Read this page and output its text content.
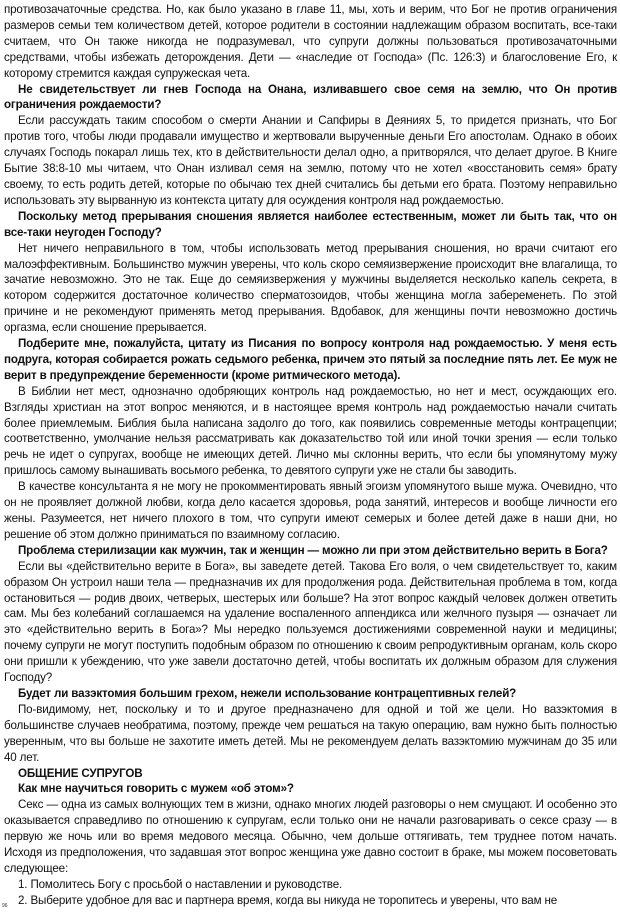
противозачаточные средства. Но, как было указано в главе 11, мы, хоть и верим, что Бог не против ограничения размеров семьи тем количеством детей, которое родители в состоянии надлежащим образом воспитать, все-таки считаем, что Он также никогда не подразумевал, что супруги должны пользоваться противозачаточными средствами, чтобы избежать деторождения. Дети — «наследие от Господа» (Пс. 126:3) и благословение Его, к которому стремится каждая супружеская чета.

Не свидетельствует ли гнев Господа на Онана, изливавшего свое семя на землю, что Он против ограничения рождаемости?

Если рассуждать таким способом о смерти Анании и Сапфиры в Деяниях 5, то придется признать, что Бог против того, чтобы люди продавали имущество и жертвовали вырученные деньги Его апостолам. Однако в обоих случаях Господь покарал лишь тех, кто в действительности делал одно, а притворялся, что делает другое. В Книге Бытие 38:8-10 мы читаем, что Онан изливал семя на землю, потому что не хотел «восстановить семя» брату своему, то есть родить детей, которые по обычаю тех дней считались бы детьми его брата. Поэтому неправильно использовать эту вырванную из контекста цитату для осуждения контроля над рождаемостью.

Поскольку метод прерывания сношения является наиболее естественным, может ли быть так, что он все-таки неугоден Господу?

Нет ничего неправильного в том, чтобы использовать метод прерывания сношения, но врачи считают его малоэффективным. Большинство мужчин уверены, что коль скоро семяизвержение происходит вне влагалища, то зачатие невозможно. Это не так. Еще до семяизвержения у мужчины выделяется несколько капель секрета, в котором содержится достаточное количество сперматозоидов, чтобы женщина могла забеременеть. По этой причине и не рекомендуют применять метод прерывания. Вдобавок, для женщины почти невозможно достичь оргазма, если сношение прерывается.

Подберите мне, пожалуйста, цитату из Писания по вопросу контроля над рождаемостью. У меня есть подруга, которая собирается рожать седьмого ребенка, причем это пятый за последние пять лет. Ее муж не верит в предупреждение беременности (кроме ритмического метода).

В Библии нет мест, однозначно одобряющих контроль над рождаемостью, но нет и мест, осуждающих его. Взгляды христиан на этот вопрос меняются, и в настоящее время контроль над рождаемостью начали считать более приемлемым. Библия была написана задолго до того, как появились современные методы контрацепции; соответственно, умолчание нельзя рассматривать как доказательство той или иной точки зрения — если только речь не идет о супругах, вообще не имеющих детей. Лично мы склонны верить, что если бы упомянутому мужу пришлось самому вынашивать восьмого ребенка, то девятого супруги уже не стали бы заводить.

В качестве консультанта я не могу не прокомментировать явный эгоизм упомянутого выше мужа. Очевидно, что он не проявляет должной любви, когда дело касается здоровья, рода занятий, интересов и вообще личности его жены. Разумеется, нет ничего плохого в том, что супруги имеют семерых и более детей даже в наши дни, но решение об этом должно приниматься по взаимному согласию.

Проблема стерилизации как мужчин, так и женщин — можно ли при этом действительно верить в Бога?

Если вы «действительно верите в Бога», вы заведете детей. Такова Его воля, о чем свидетельствует то, каким образом Он устроил наши тела — предназначив их для продолжения рода. Действительная проблема в том, когда остановиться — родив двоих, четверых, шестерых или больше? На этот вопрос каждый человек должен ответить сам. Мы без колебаний соглашаемся на удаление воспаленного аппендикса или желчного пузыря — означает ли это «действительно верить в Бога»? Мы нередко пользуемся достижениями современной науки и медицины; почему супруги не могут поступить подобным образом по отношению к своим репродуктивным органам, коль скоро они пришли к убеждению, что уже завели достаточно детей, чтобы воспитать их должным образом для служения Господу?

Будет ли вазэктомия большим грехом, нежели использование контрацептивных гелей?

По-видимому, нет, поскольку и то и другое предназначено для одной и той же цели. Но вазэктомия в большинстве случаев необратима, поэтому, прежде чем решаться на такую операцию, вам нужно быть полностью уверенным, что вы больше не захотите иметь детей. Мы не рекомендуем делать вазэктомию мужчинам до 35 или 40 лет.

ОБЩЕНИЕ СУПРУГОВ

Как мне научиться говорить с мужем «об этом»?

Секс — одна из самых волнующих тем в жизни, однако многих людей разговоры о нем смущают. И особенно это оказывается справедливо по отношению к супругам, если только они не начали разговаривать о сексе сразу — в первую же ночь или во время медового месяца. Обычно, чем дольше оттягивать, тем труднее потом начать. Исходя из предположения, что задавшая этот вопрос женщина уже давно состоит в браке, мы можем посоветовать следующее:

1. Помолитесь Богу с просьбой о наставлении и руководстве.

2. Выберите удобное для вас и партнера время, когда вы никуда не торопитесь и уверены, что вам не

96
